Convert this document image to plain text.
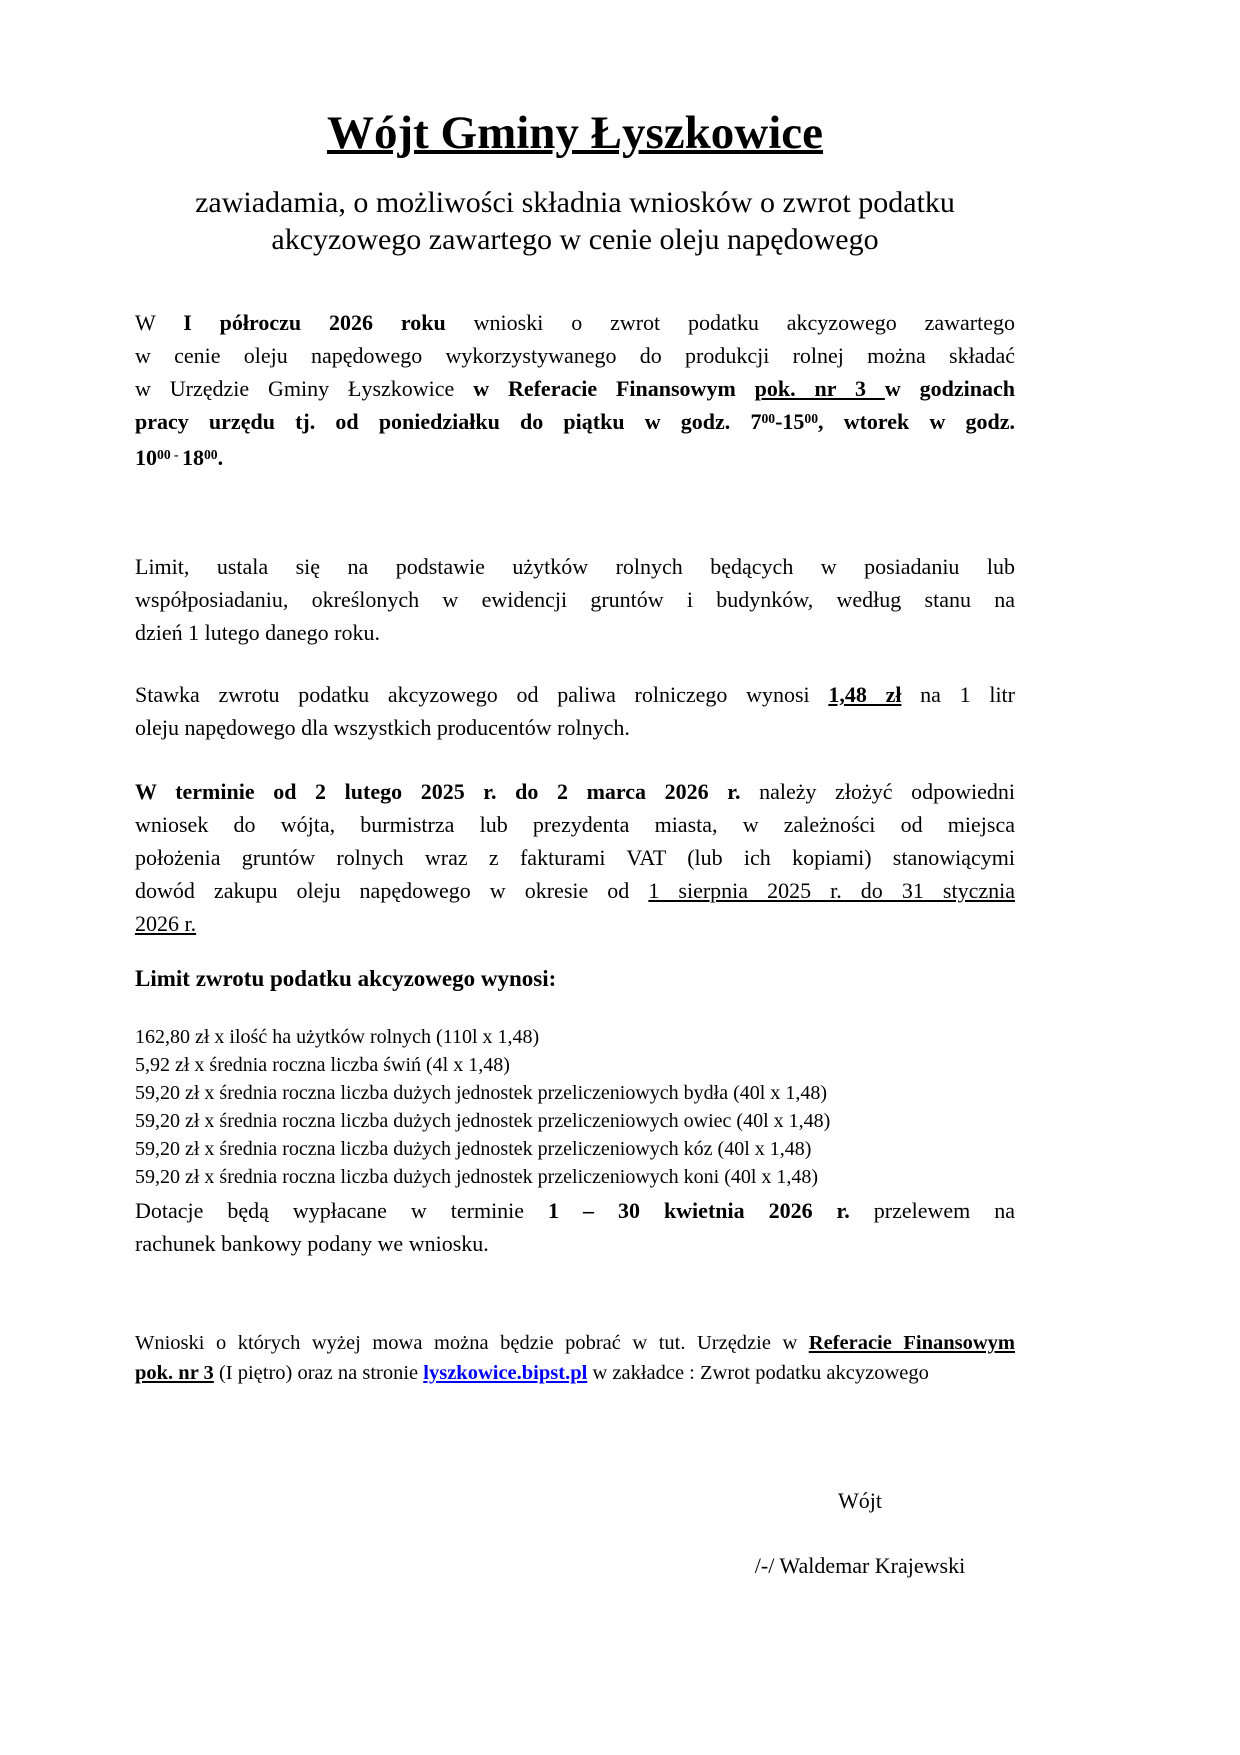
Wójt Gminy Łyszkowice
zawiadamia, o możliwości składnia wniosków o zwrot podatku
akcyzowego zawartego w cenie oleju napędowego
W I półroczu 2026 roku wnioski o zwrot podatku akcyzowego zawartego
w cenie oleju napędowego wykorzystywanego do produkcji rolnej można składać
w Urzędzie Gminy Łyszkowice w Referacie Finansowym pok. nr 3 w godzinach
pracy urzędu tj. od poniedziałku do piątku w godz. $7^{00}-15^{00}$, wtorek w godz.
$10^{00}$ - $18^{00}$.
Limit, ustala się na podstawie użytków rolnych będących w posiadaniu lub
współposiadaniu, określonych w ewidencji gruntów i budynków, według stanu na
dzień 1 lutego danego roku.
Stawka zwrotu podatku akcyzowego od paliwa rolniczego wynosi 1,48 zł na 1 litr
oleju napędowego dla wszystkich producentów rolnych.
W terminie od 2 lutego 2025 r. do 2 marca 2026 r. należy złożyć odpowiedni
wniosek do wójta, burmistrza lub prezydenta miasta, w zależności od miejsca
położenia gruntów rolnych wraz z fakturami VAT (lub ich kopiami) stanowiącymi
dowód zakupu oleju napędowego w okresie od 1 sierpnia 2025 r. do 31 stycznia
2026 r.
Limit zwrotu podatku akcyzowego wynosi:
162,80 zł x ilość ha użytków rolnych (110l x 1,48)
5,92 zł x średnia roczna liczba świń (4l x 1,48)
59,20 zł x średnia roczna liczba dużych jednostek przeliczeniowych bydła (40l x 1,48)
59,20 zł x średnia roczna liczba dużych jednostek przeliczeniowych owiec (40l x 1,48)
59,20 zł x średnia roczna liczba dużych jednostek przeliczeniowych kóz (40l x 1,48)
59,20 zł x średnia roczna liczba dużych jednostek przeliczeniowych koni (40l x 1,48)
Dotacje będą wypłacane w terminie 1 – 30 kwietnia 2026 r. przelewem na
rachunek bankowy podany we wniosku.
Wnioski o których wyżej mowa można będzie pobrać w tut. Urzędzie w Referacie Finansowym
pok. nr 3 (I piętro) oraz na stronie lyszkowice.bipst.pl w zakładce : Zwrot podatku akcyzowego
Wójt
/-/ Waldemar Krajewski
